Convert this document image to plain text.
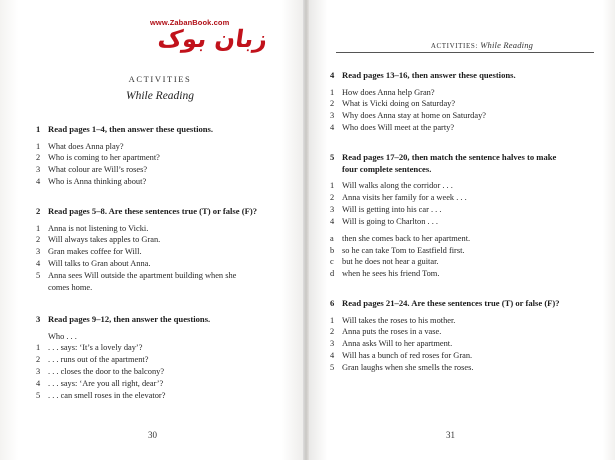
ACTIVITIES
While Reading
1 Read pages 1–4, then answer these questions.
1 What does Anna play?
2 Who is coming to her apartment?
3 What colour are Will’s roses?
4 Who is Anna thinking about?
2 Read pages 5–8. Are these sentences true (T) or false (F)?
1 Anna is not listening to Vicki.
2 Will always takes apples to Gran.
3 Gran makes coffee for Will.
4 Will talks to Gran about Anna.
5 Anna sees Will outside the apartment building when she
comes home.
3 Read pages 9–12, then answer the questions.
Who . . .
1 . . . says: ‘It’s a lovely day’?
2 . . . runs out of the apartment?
3 . . . closes the door to the balcony?
4 . . . says: ‘Are you all right, dear’?
5 . . . can smell roses in the elevator?
30
ACTIVITIES: While Reading
4 Read pages 13–16, then answer these questions.
1 How does Anna help Gran?
2 What is Vicki doing on Saturday?
3 Why does Anna stay at home on Saturday?
4 Who does Will meet at the party?
5 Read pages 17–20, then match the sentence halves to make
four complete sentences.
1 Will walks along the corridor . . .
2 Anna visits her family for a week . . .
3 Will is getting into his car . . .
4 Will is going to Charlton . . .
a then she comes back to her apartment.
b so he can take Tom to Eastfield first.
c but he does not hear a guitar.
d when he sees his friend Tom.
6 Read pages 21–24. Are these sentences true (T) or false (F)?
1 Will takes the roses to his mother.
2 Anna puts the roses in a vase.
3 Anna asks Will to her apartment.
4 Will has a bunch of red roses for Gran.
5 Gran laughs when she smells the roses.
31
www.ZabanBook.com
زبان بوک
